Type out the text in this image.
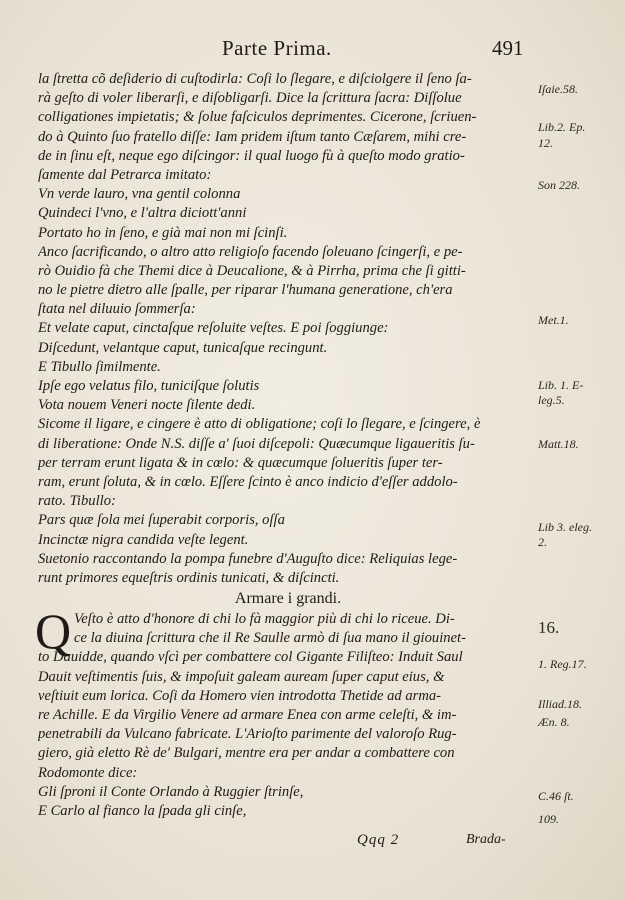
Parte Prima.	491
la ſtretta cõ deſiderio di cuſtodirla: Coſi lo ſlegare, e diſciolgere il ſeno ſa-
rà geſto di voler liberarſi, e diſobligarſi. Dice la ſcrittura ſacra: Diſſolue
colligationes impietatis; & ſolue faſciculos deprimentes. Cicerone, ſcriuen-
do à Quinto ſuo fratello diſſe: Iam pridem iſtum tanto Cæſarem, mihi cre-
de in ſinu eſt, neque ego diſcingor: il qual luogo fù à queſto modo gratio-
ſamente dal Petrarca imitato:
Vn verde lauro, vna gentil colonna
Quindeci l'vno, e l'altra diciott'anni
Portato ho in ſeno, e già mai non mi ſcinſi.
Anco ſacrificando, o altro atto religioſo facendo ſoleuano ſcingerſi, e pe-
rò Ouidio fà che Themi dice à Deucalione, & à Pirrha, prima che ſi gitti-
no le pietre dietro alle ſpalle, per riparar l'humana generatione, ch'era
ſtata nel diluuio ſommerſa:
Et velate caput, cinctaſque reſoluite veſtes. E poi ſoggiunge:
Diſcedunt, velantque caput, tunicaſque recingunt.
E Tibullo ſimilmente.
Ipſe ego velatus filo, tuniciſque ſolutis
Vota nouem Veneri nocte ſilente dedi.
Sicome il ligare, e cingere è atto di obligatione; coſi lo ſlegare, e ſcingere, è
di liberatione: Onde N.S. diſſe a' ſuoi diſcepoli: Quæcumque ligaueritis ſu-
per terram erunt ligata & in cœlo: & quæcumque ſolueritis ſuper ter-
ram, erunt ſoluta, & in cœlo. Eſſere ſcinto è anco indicio d'eſſer addolo-
rato. Tibullo:
Pars quæ ſola mei ſuperabit corporis, oſſa
Incinctæ nigra candida veſte legent.
Suetonio raccontando la pompa funebre d'Auguſto dice: Reliquias lege-
runt primores equeſtris ordinis tunicati, & diſcincti.
Armare i grandi.
Q Veſto è atto d'honore di chi lo fà maggior più di chi lo riceue. Di-
ce la diuina ſcrittura che il Re Saulle armò di ſua mano il giouinet-
to Dauidde, quando vſcì per combattere col Gigante Filiſteo: Induit Saul
Dauit veſtimentis ſuis, & impoſuit galeam auream ſuper caput eius, &
veſtiuit eum lorica. Coſi da Homero vien introdotta Thetide ad arma-
re Achille. E da Virgilio Venere ad armare Enea con arme celeſti, & im-
penetrabili da Vulcano fabricate. L'Arioſto parimente del valoroſo Rug-
giero, già eletto Rè de' Bulgari, mentre era per andar a combattere con
Rodomonte dice:
Gli ſproni il Conte Orlando à Ruggier ſtrinſe,
E Carlo al fianco la ſpada gli cinſe,
Iſaie.58.
Lib.2. Ep.
12.
Son 228.
Met.1.
Lib. 1. E-
leg.5.
Matt.18.
Lib 3. eleg.
2.
16.
1. Reg.17.
Illiad.18.
Æn. 8.
C.46 ſt.
109.
Qqq 2	Brada-
